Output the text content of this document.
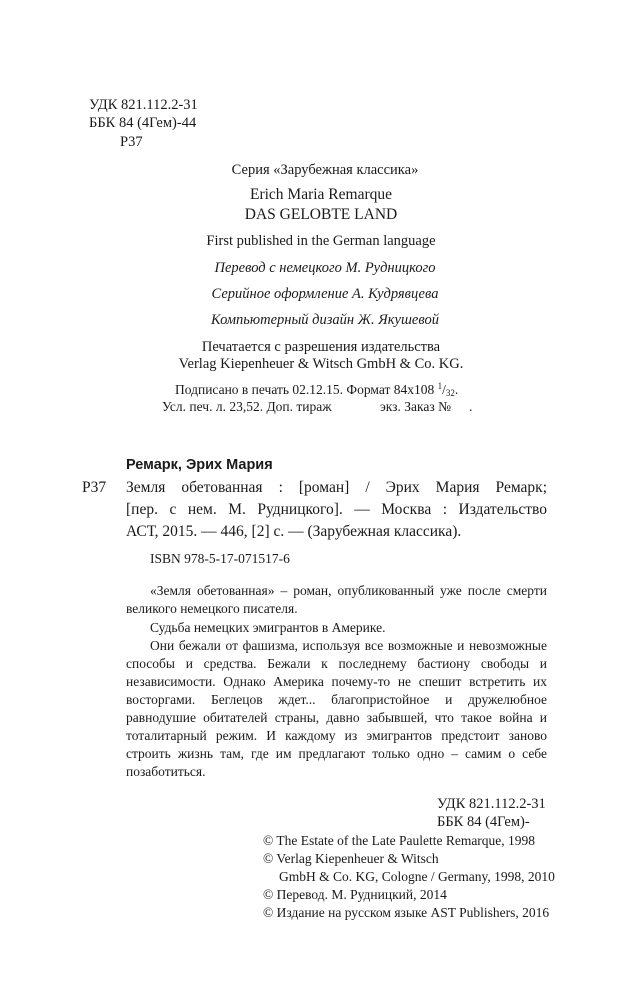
УДК 821.112.2-31

ББК 84 (4Гем)-44

Р37

Серия «Зарубежная классика»

Erich Maria Remarque

DAS GELOBTE LAND

First published in the German language

Перевод с немецкого М. Рудницкого

Серийное оформление А. Кудрявцева

Компьютерный дизайн Ж. Якушевой

Печатается с разрешения издательства

Verlag Kiepenheuer & Witsch GmbH & Co. KG.

Подписано в печать 02.12.15. Формат 84x108 $^1/_{32}$.

Усл. печ. л. 23,52. Доп. тираж	экз. Заказ № .

Ремарк, Эрих Мария

Р37 Земля обетованная : [роман] / Эрих Мария Ремарк;

[пер. с нем. М. Рудницкого]. — Москва : Издательство

АСТ, 2015. — 446, [2] с. — (Зарубежная классика).

ISBN 978-5-17-071517-6

«Земля обетованная» – роман, опубликованный уже после смерти

великого немецкого писателя.

Судьба немецких эмигрантов в Америке.

Они бежали от фашизма, используя все возможные и невозможные

способы и средства. Бежали к последнему бастиону свободы и

независимости. Однако Америка почему-то не спешит встретить их

восторгами. Беглецов ждет... благопристойное и дружелюбное

равнодушие обитателей страны, давно забывшей, что такое война и

тоталитарный режим. И каждому из эмигрантов предстоит заново

строить жизнь там, где им предлагают только одно – самим о себе

позаботиться.

УДК 821.112.2-31

ББК 84 (4Гем)-

© The Estate of the Late Paulette Remarque, 1998

© Verlag Kiepenheuer & Witsch

GmbH & Co. KG, Cologne / Germany, 1998, 2010

© Перевод. М. Рудницкий, 2014

© Издание на русском языке AST Publishers, 2016
